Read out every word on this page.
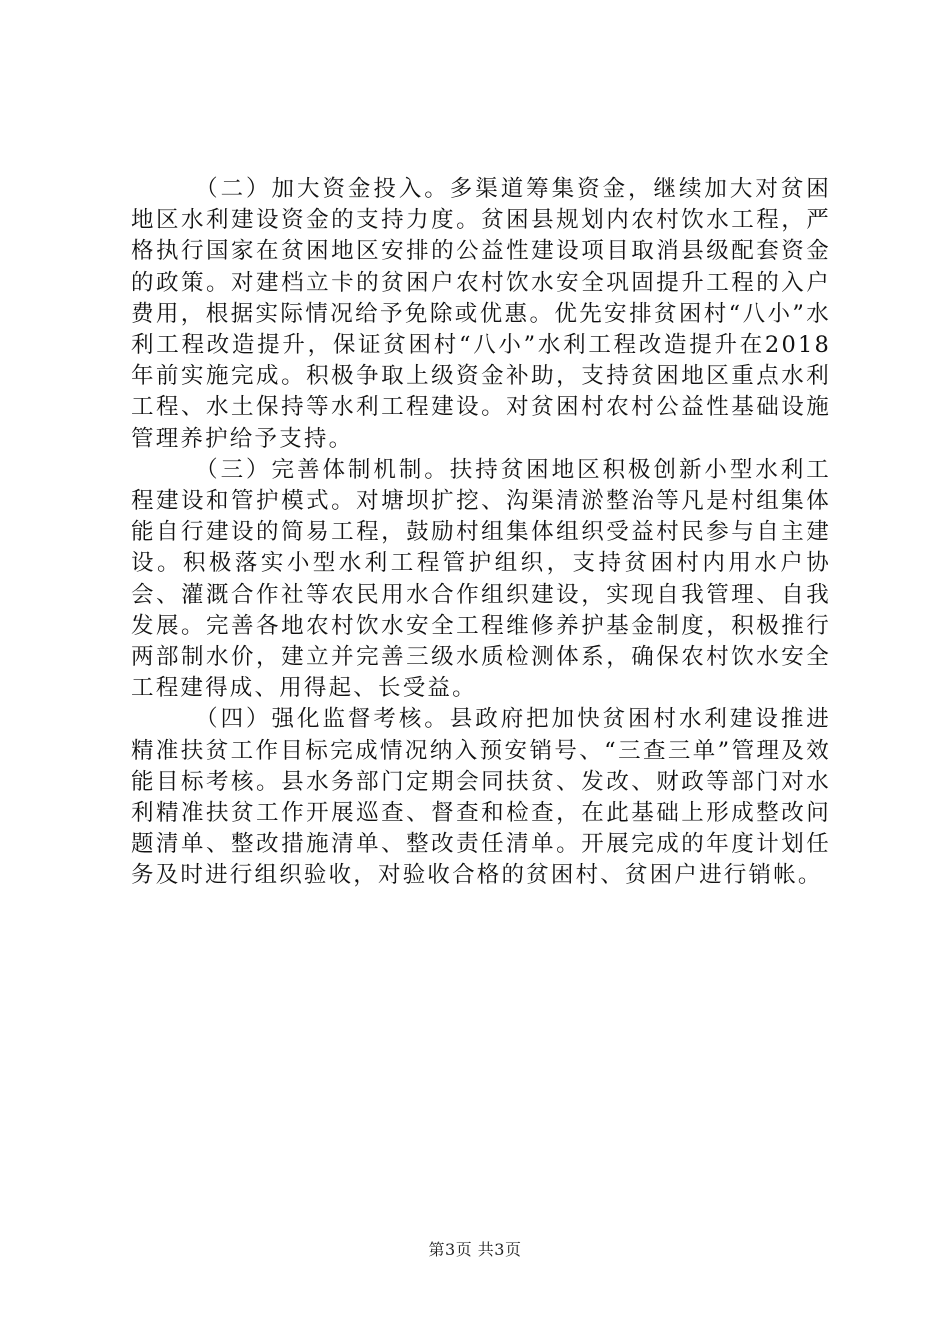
（二）加大资金投入。多渠道筹集资金，继续加大对贫困地区水利建设资金的支持力度。贫困县规划内农村饮水工程，严格执行国家在贫困地区安排的公益性建设项目取消县级配套资金的政策。对建档立卡的贫困户农村饮水安全巩固提升工程的入户费用，根据实际情况给予免除或优惠。优先安排贫困村“八小”水利工程改造提升，保证贫困村“八小”水利工程改造提升在2018年前实施完成。积极争取上级资金补助，支持贫困地区重点水利工程、水土保持等水利工程建设。对贫困村农村公益性基础设施管理养护给予支持。

（三）完善体制机制。扶持贫困地区积极创新小型水利工程建设和管护模式。对塘坝扩挖、沟渠清淤整治等凡是村组集体能自行建设的简易工程，鼓励村组集体组织受益村民参与自主建设。积极落实小型水利工程管护组织，支持贫困村内用水户协会、灌溉合作社等农民用水合作组织建设，实现自我管理、自我发展。完善各地农村饮水安全工程维修养护基金制度，积极推行两部制水价，建立并完善三级水质检测体系，确保农村饮水安全工程建得成、用得起、长受益。

（四）强化监督考核。县政府把加快贫困村水利建设推进精准扶贫工作目标完成情况纳入预安销号、“三查三单”管理及效能目标考核。县水务部门定期会同扶贫、发改、财政等部门对水利精准扶贫工作开展巡查、督查和检查，在此基础上形成整改问题清单、整改措施清单、整改责任清单。开展完成的年度计划任务及时进行组织验收，对验收合格的贫困村、贫困户进行销帐。

第3页 共3页
